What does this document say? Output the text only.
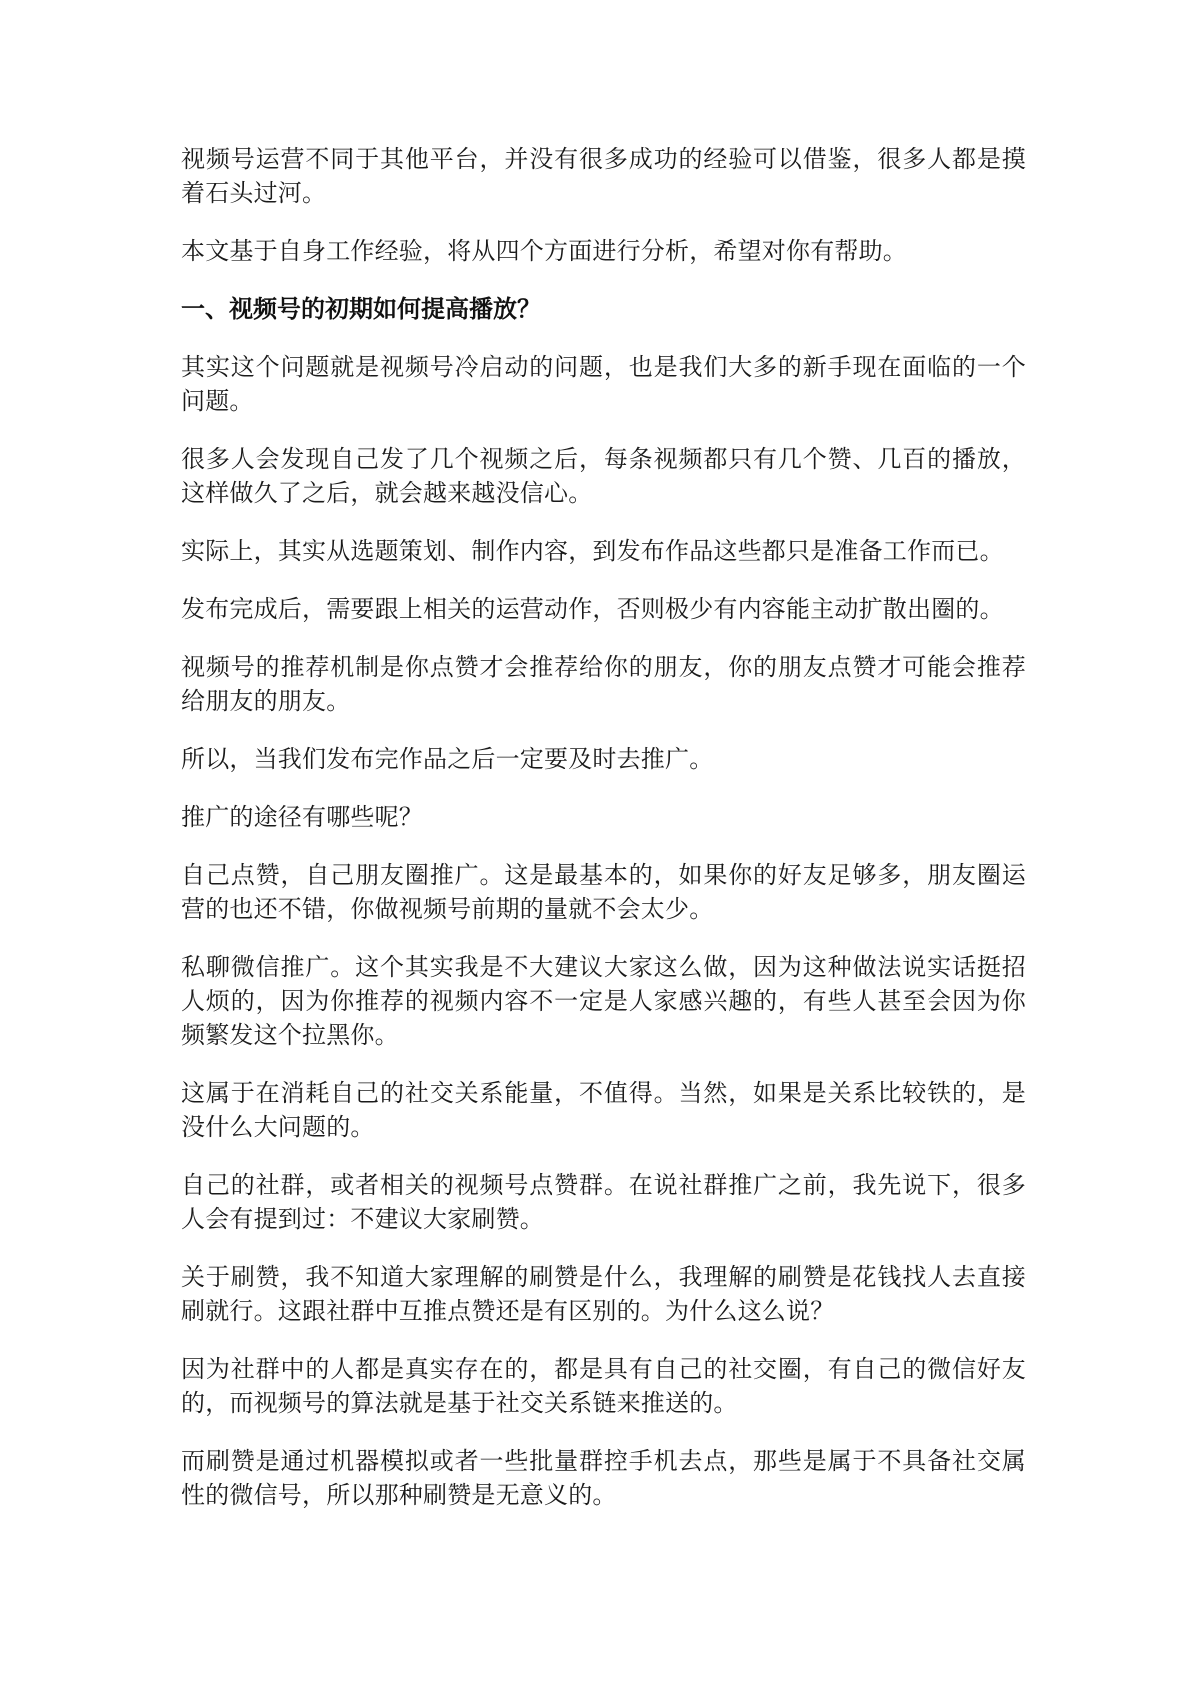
视频号运营不同于其他平台，并没有很多成功的经验可以借鉴，很多人都是摸着石头过河。

本文基于自身工作经验，将从四个方面进行分析，希望对你有帮助。

一、视频号的初期如何提高播放？

其实这个问题就是视频号冷启动的问题，也是我们大多的新手现在面临的一个问题。

很多人会发现自己发了几个视频之后，每条视频都只有几个赞、几百的播放，这样做久了之后，就会越来越没信心。

实际上，其实从选题策划、制作内容，到发布作品这些都只是准备工作而已。

发布完成后，需要跟上相关的运营动作，否则极少有内容能主动扩散出圈的。

视频号的推荐机制是你点赞才会推荐给你的朋友，你的朋友点赞才可能会推荐给朋友的朋友。

所以，当我们发布完作品之后一定要及时去推广。

推广的途径有哪些呢？

自己点赞，自己朋友圈推广。这是最基本的，如果你的好友足够多，朋友圈运营的也还不错，你做视频号前期的量就不会太少。

私聊微信推广。这个其实我是不大建议大家这么做，因为这种做法说实话挺招人烦的，因为你推荐的视频内容不一定是人家感兴趣的，有些人甚至会因为你频繁发这个拉黑你。

这属于在消耗自己的社交关系能量，不值得。当然，如果是关系比较铁的，是没什么大问题的。

自己的社群，或者相关的视频号点赞群。在说社群推广之前，我先说下，很多人会有提到过：不建议大家刷赞。

关于刷赞，我不知道大家理解的刷赞是什么，我理解的刷赞是花钱找人去直接刷就行。这跟社群中互推点赞还是有区别的。为什么这么说？

因为社群中的人都是真实存在的，都是具有自己的社交圈，有自己的微信好友的，而视频号的算法就是基于社交关系链来推送的。

而刷赞是通过机器模拟或者一些批量群控手机去点，那些是属于不具备社交属性的微信号，所以那种刷赞是无意义的。
